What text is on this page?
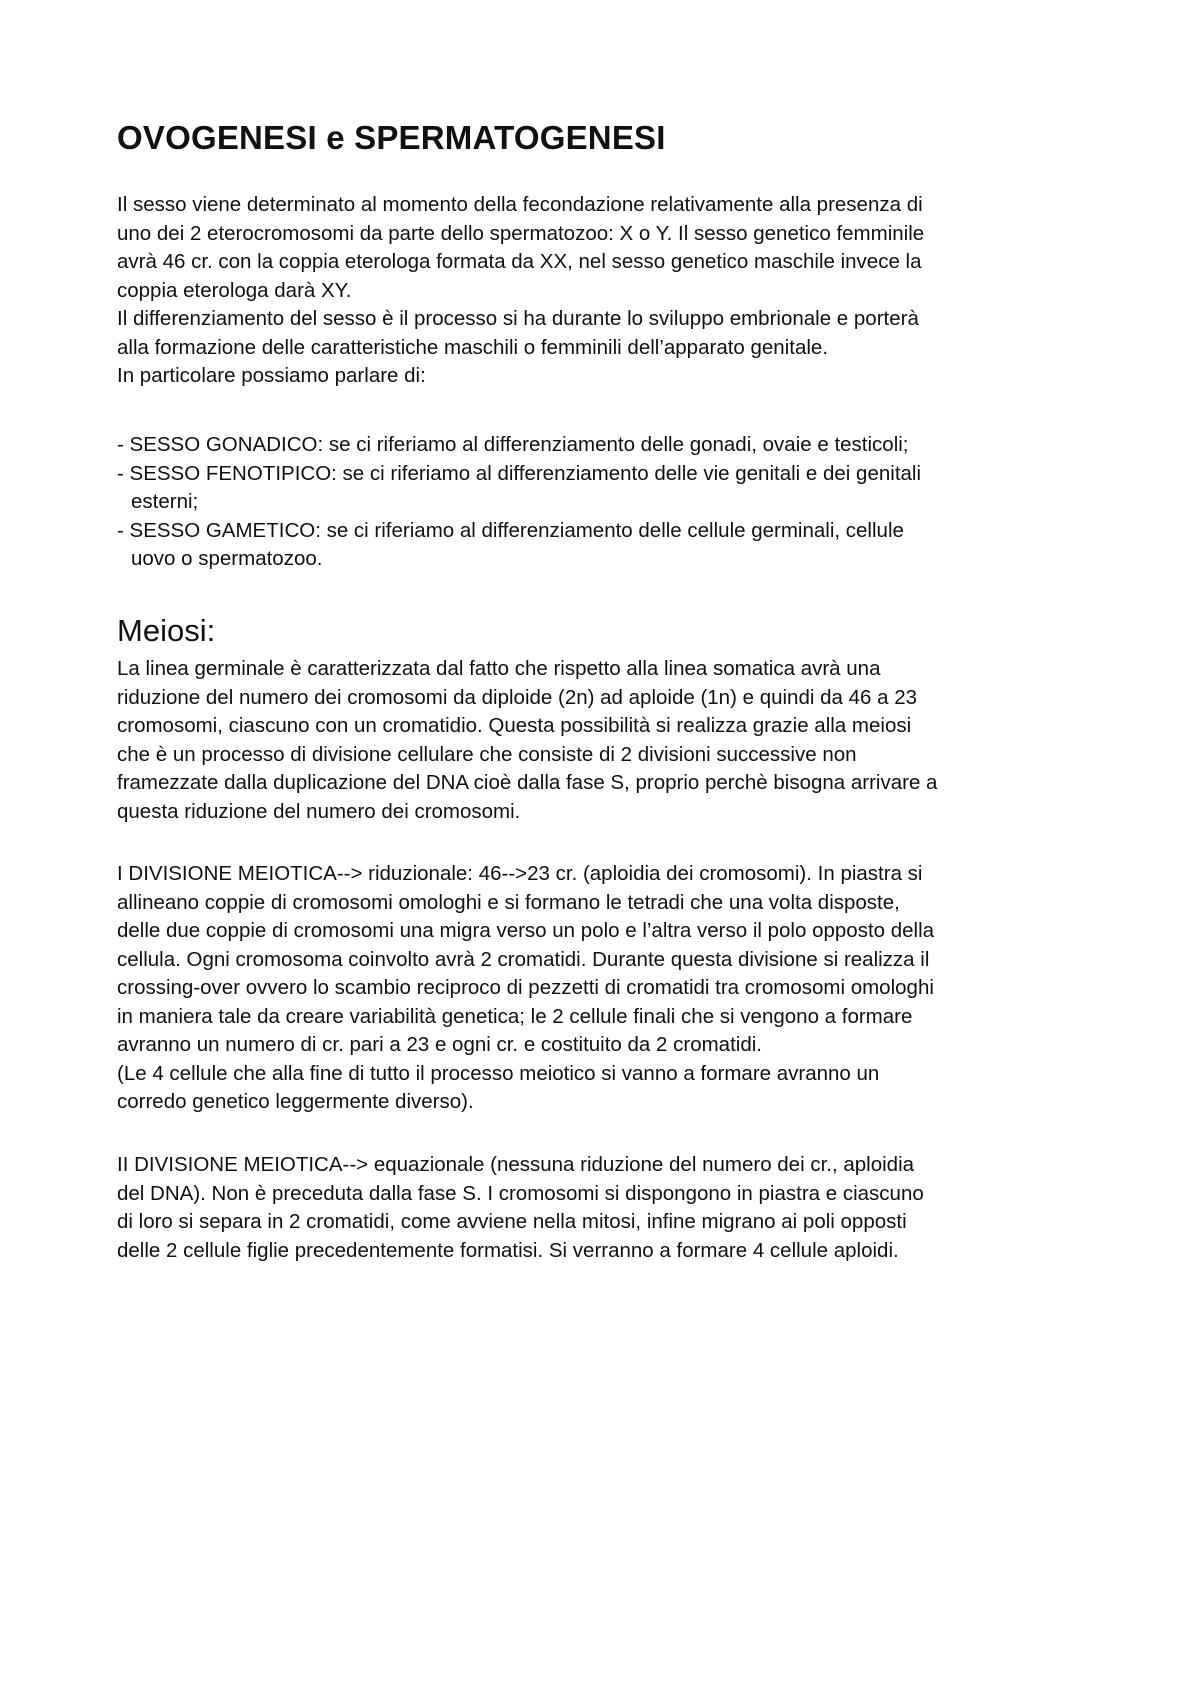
OVOGENESI e SPERMATOGENESI
Il sesso viene determinato al momento della fecondazione relativamente alla presenza di
uno dei 2 eterocromosomi da parte dello spermatozoo: X o Y. Il sesso genetico femminile
avrà 46 cr. con la coppia eterologa formata da XX, nel sesso genetico maschile invece la
coppia eterologa darà XY.
Il differenziamento del sesso è il processo si ha durante lo sviluppo embrionale e porterà
alla formazione delle caratteristiche maschili o femminili dell’apparato genitale.
In particolare possiamo parlare di:
- SESSO GONADICO: se ci riferiamo al differenziamento delle gonadi, ovaie e testicoli;
- SESSO FENOTIPICO: se ci riferiamo al differenziamento delle vie genitali e dei genitali
esterni;
- SESSO GAMETICO: se ci riferiamo al differenziamento delle cellule germinali, cellule
uovo o spermatozoo.
Meiosi:
La linea germinale è caratterizzata dal fatto che rispetto alla linea somatica avrà una
riduzione del numero dei cromosomi da diploide (2n) ad aploide (1n) e quindi da 46 a 23
cromosomi, ciascuno con un cromatidio. Questa possibilità si realizza grazie alla meiosi
che è un processo di divisione cellulare che consiste di 2 divisioni successive non
framezzate dalla duplicazione del DNA cioè dalla fase S, proprio perchè bisogna arrivare a
questa riduzione del numero dei cromosomi.
I DIVISIONE MEIOTICA--> riduzionale: 46-->23 cr. (aploidia dei cromosomi). In piastra si
allineano coppie di cromosomi omologhi e si formano le tetradi che una volta disposte,
delle due coppie di cromosomi una migra verso un polo e l’altra verso il polo opposto della
cellula. Ogni cromosoma coinvolto avrà 2 cromatidi. Durante questa divisione si realizza il
crossing-over ovvero lo scambio reciproco di pezzetti di cromatidi tra cromosomi omologhi
in maniera tale da creare variabilità genetica; le 2 cellule finali che si vengono a formare
avranno un numero di cr. pari a 23 e ogni cr. e costituito da 2 cromatidi.
(Le 4 cellule che alla fine di tutto il processo meiotico si vanno a formare avranno un
corredo genetico leggermente diverso).
II DIVISIONE MEIOTICA--> equazionale (nessuna riduzione del numero dei cr., aploidia
del DNA). Non è preceduta dalla fase S. I cromosomi si dispongono in piastra e ciascuno
di loro si separa in 2 cromatidi, come avviene nella mitosi, infine migrano ai poli opposti
delle 2 cellule figlie precedentemente formatisi. Si verranno a formare 4 cellule aploidi.
